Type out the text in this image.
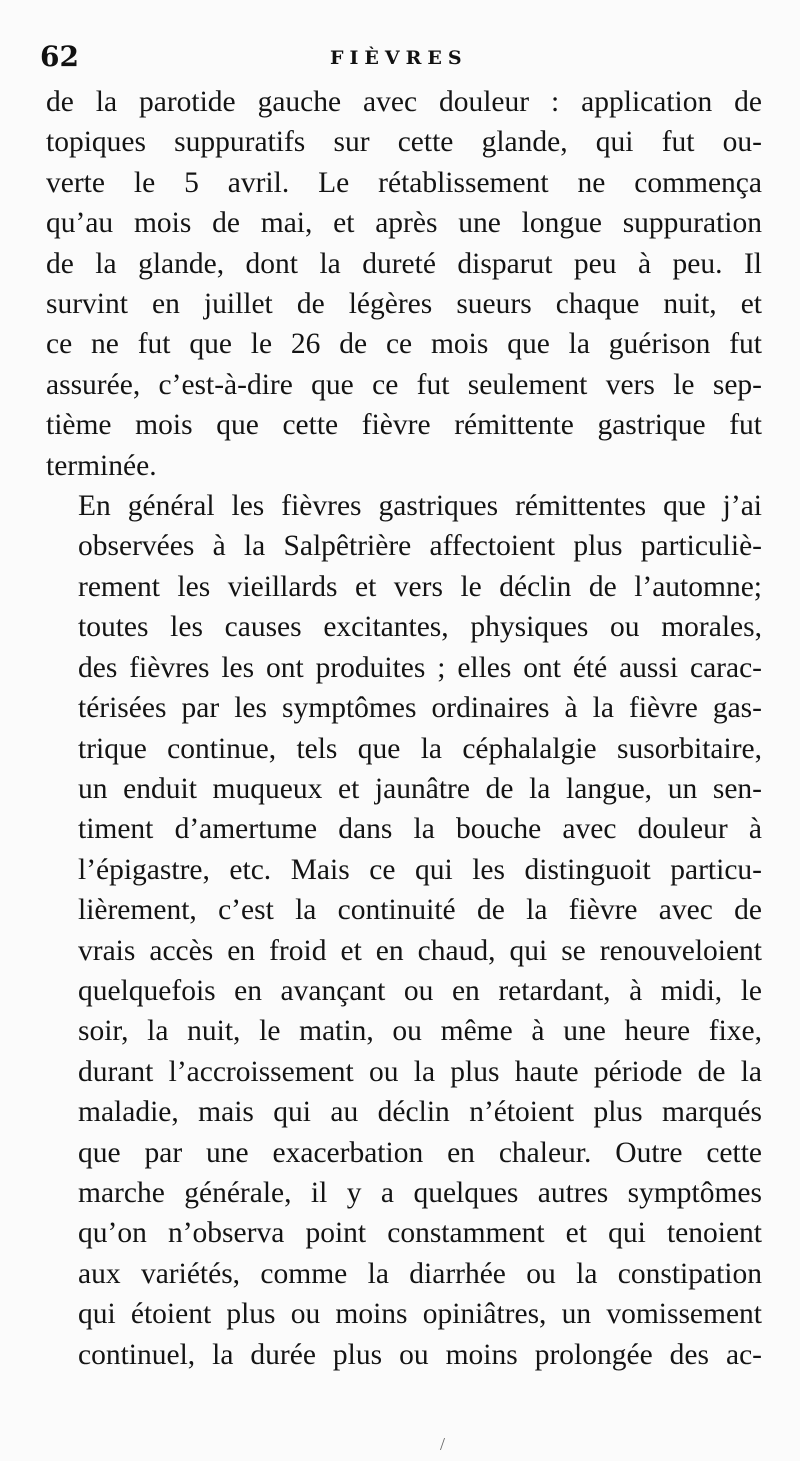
62	FIÈVRES

de la parotide gauche avec douleur : application de
topiques suppuratifs sur cette glande, qui fut ou-
verte le 5 avril. Le rétablissement ne commença
qu’au mois de mai, et après une longue suppuration
de la glande, dont la dureté disparut peu à peu. Il
survint en juillet de légères sueurs chaque nuit, et
ce ne fut que le 26 de ce mois que la guérison fut
assurée, c’est-à-dire que ce fut seulement vers le sep-
tième mois que cette fièvre rémittente gastrique fut
terminée.

En général les fièvres gastriques rémittentes que j’ai
observées à la Salpêtrière affectoient plus particuliè-
rement les vieillards et vers le déclin de l’automne;
toutes les causes excitantes, physiques ou morales,
des fièvres les ont produites ; elles ont été aussi carac-
térisées par les symptômes ordinaires à la fièvre gas-
trique continue, tels que la céphalalgie susorbitaire,
un enduit muqueux et jaunâtre de la langue, un sen-
timent d’amertume dans la bouche avec douleur à
l’épigastre, etc. Mais ce qui les distinguoit particu-
lièrement, c’est la continuité de la fièvre avec de
vrais accès en froid et en chaud, qui se renouveloient
quelquefois en avançant ou en retardant, à midi, le
soir, la nuit, le matin, ou même à une heure fixe,
durant l’accroissement ou la plus haute période de la
maladie, mais qui au déclin n’étoient plus marqués
que par une exacerbation en chaleur. Outre cette
marche générale, il y a quelques autres symptômes
qu’on n’observa point constamment et qui tenoient
aux variétés, comme la diarrhée ou la constipation
qui étoient plus ou moins opiniâtres, un vomissement
continuel, la durée plus ou moins prolongée des ac-

/
